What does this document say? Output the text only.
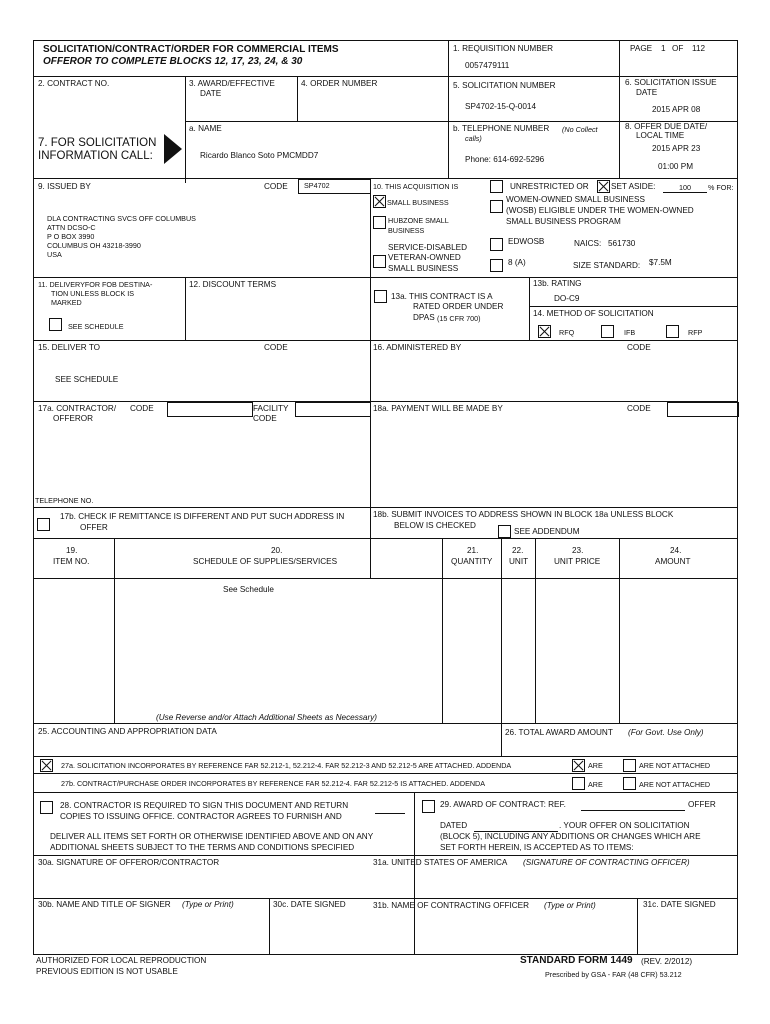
SOLICITATION/CONTRACT/ORDER FOR COMMERCIAL ITEMS
OFFEROR TO COMPLETE BLOCKS 12, 17, 23, 24, & 30
1. REQUISITION NUMBER
0057479111
PAGE 1 OF 112
2. CONTRACT NO.	3. AWARD/EFFECTIVE
DATE
4. ORDER NUMBER	5. SOLICITATION NUMBER
SP4702-15-Q-0014
6. SOLICITATION ISSUE
DATE
2015 APR 08
7. FOR SOLICITATION
INFORMATION CALL:
a. NAME
Ricardo Blanco Soto PMCMDD7
b. TELEPHONE NUMBER (No Collect
calls)
Phone: 614-692-5296
8. OFFER DUE DATE/
LOCAL TIME
2015 APR 23
01:00 PM
9. ISSUED BY	CODE SP4702
DLA CONTRACTING SVCS OFF COLUMBUS
ATTN DCSO-C
P O BOX 3990
COLUMBUS OH 43218-3990
USA
10. THIS ACQUISITION IS	UNRESTRICTED OR	SET ASIDE:	100 % FOR:
SMALL BUSINESS
HUBZONE SMALL
BUSINESS
SERVICE-DISABLED
VETERAN-OWNED
SMALL BUSINESS
WOMEN-OWNED SMALL BUSINESS
(WOSB) ELIGIBLE UNDER THE WOMEN-OWNED
SMALL BUSINESS PROGRAM
EDWOSB	NAICS: 561730
8 (A)	SIZE STANDARD: $7.5M
11. DELIVERYFOR FOB DESTINA-
TION UNLESS BLOCK IS
MARKED
SEE SCHEDULE
12. DISCOUNT TERMS
13a. THIS CONTRACT IS A
RATED ORDER UNDER
DPAS (15 CFR 700)
13b. RATING
DO-C9
14. METHOD OF SOLICITATION
RFQ	IFB	RFP
15. DELIVER TO	CODE
SEE SCHEDULE
16. ADMINISTERED BY	CODE
17a. CONTRACTOR/
OFFEROR
CODE	FACILITY
CODE
18a. PAYMENT WILL BE MADE BY	CODE
TELEPHONE NO.
17b. CHECK IF REMITTANCE IS DIFFERENT AND PUT SUCH ADDRESS IN
OFFER
18b. SUBMIT INVOICES TO ADDRESS SHOWN IN BLOCK 18a UNLESS BLOCK
BELOW IS CHECKED
SEE ADDENDUM
19.
ITEM NO.
20.
SCHEDULE OF SUPPLIES/SERVICES
21.
QUANTITY
22.
UNIT
23.
UNIT PRICE
24.
AMOUNT
See Schedule
(Use Reverse and/or Attach Additional Sheets as Necessary)
25. ACCOUNTING AND APPROPRIATION DATA	26. TOTAL AWARD AMOUNT (For Govt. Use Only)
27a. SOLICITATION INCORPORATES BY REFERENCE FAR 52.212-1, 52.212-4. FAR 52.212-3 AND 52.212-5 ARE ATTACHED. ADDENDA	ARE	ARE NOT ATTACHED
27b. CONTRACT/PURCHASE ORDER INCORPORATES BY REFERENCE FAR 52.212-4. FAR 52.212-5 IS ATTACHED. ADDENDA	ARE	ARE NOT ATTACHED
28. CONTRACTOR IS REQUIRED TO SIGN THIS DOCUMENT AND RETURN
COPIES TO ISSUING OFFICE. CONTRACTOR AGREES TO FURNISH AND
DELIVER ALL ITEMS SET FORTH OR OTHERWISE IDENTIFIED ABOVE AND ON ANY
ADDITIONAL SHEETS SUBJECT TO THE TERMS AND CONDITIONS SPECIFIED
29. AWARD OF CONTRACT: REF.	OFFER
DATED	. YOUR OFFER ON SOLICITATION
(BLOCK 5), INCLUDING ANY ADDITIONS OR CHANGES WHICH ARE
SET FORTH HEREIN, IS ACCEPTED AS TO ITEMS:
30a. SIGNATURE OF OFFEROR/CONTRACTOR	31a. UNITED STATES OF AMERICA (SIGNATURE OF CONTRACTING OFFICER)
30b. NAME AND TITLE OF SIGNER (Type or Print)	30c. DATE SIGNED	31b. NAME OF CONTRACTING OFFICER (Type or Print)	31c. DATE SIGNED
AUTHORIZED FOR LOCAL REPRODUCTION
PREVIOUS EDITION IS NOT USABLE
STANDARD FORM 1449 (REV. 2/2012)
Prescribed by GSA - FAR (48 CFR) 53.212
